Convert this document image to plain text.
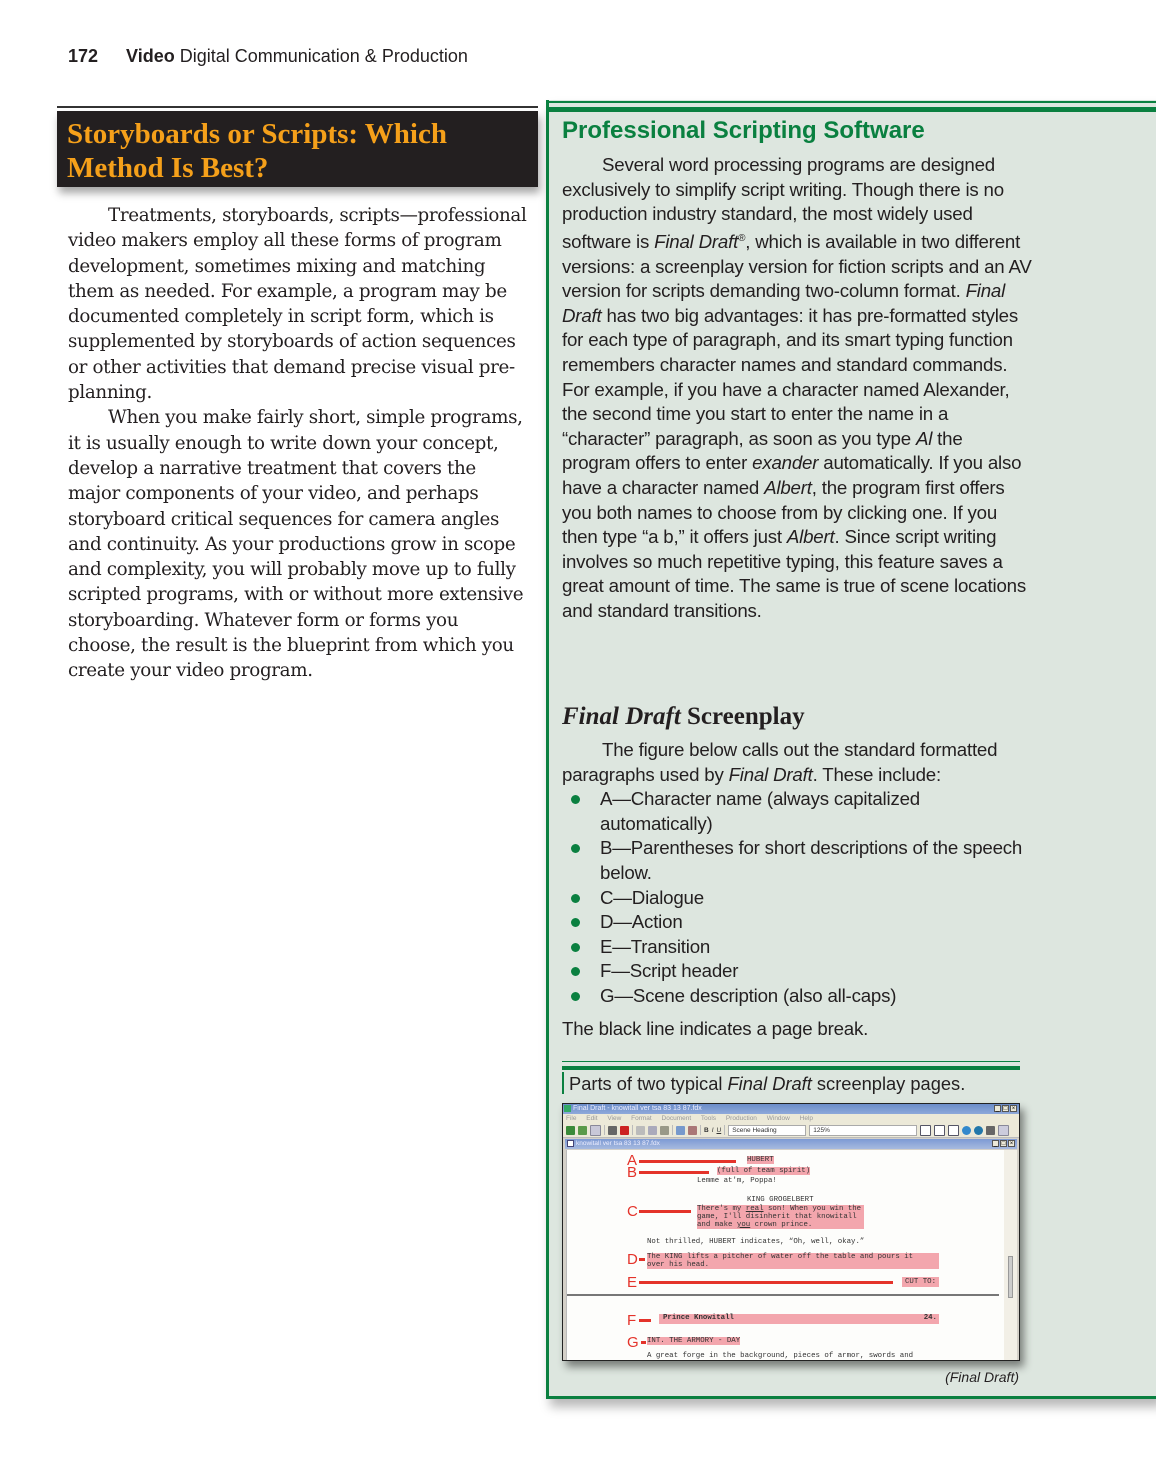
172 Video Digital Communication & Production
Storyboards or Scripts: Which Method Is Best?

Treatments, storyboards, scripts—professional video makers employ all these forms of program development, sometimes mixing and matching them as needed. For example, a program may be documented completely in script form, which is supplemented by storyboards of action sequences or other activities that demand precise visual pre-planning.

When you make fairly short, simple programs, it is usually enough to write down your concept, develop a narrative treatment that covers the major components of your video, and perhaps storyboard critical sequences for camera angles and continuity. As your productions grow in scope and complexity, you will probably move up to fully scripted programs, with or without more extensive storyboarding. Whatever form or forms you choose, the result is the blueprint from which you create your video program.

Professional Scripting Software

Several word processing programs are designed exclusively to simplify script writing. Though there is no production industry standard, the most widely used software is Final Draft®, which is available in two different versions: a screenplay version for fiction scripts and an AV version for scripts demanding two-column format. Final Draft has two big advantages: it has pre-formatted styles for each type of paragraph, and its smart typing function remembers character names and standard commands. For example, if you have a character named Alexander, the second time you start to enter the name in a “character” paragraph, as soon as you type Al the program offers to enter exander automatically. If you also have a character named Albert, the program first offers you both names to choose from by clicking one. If you then type “a b,” it offers just Albert. Since script writing involves so much repetitive typing, this feature saves a great amount of time. The same is true of scene locations and standard transitions.

Final Draft Screenplay

The figure below calls out the standard formatted paragraphs used by Final Draft. These include:

A—Character name (always capitalized automatically)
B—Parentheses for short descriptions of the speech below.
C—Dialogue
D—Action
E—Transition
F—Script header
G—Scene description (also all-caps)

The black line indicates a page break.

Parts of two typical Final Draft screenplay pages.
Final Draft - knowitall ver tsa 83 13 87.fdx	_ □ ×
File Edit View Format Document Tools Production Window Help
B I U	Scene Heading	125%
knowitall ver tsa 83 13 87.fdx	_ □ ×
A	HUBERT
B	(full of team spirit)
Lemme at'm, Poppa!
KING GROGELBERT
C	There's my real son! When you win the
game, I'll disinherit that knowitall
and make you crown prince.
Not thrilled, HUBERT indicates, “Oh, well, okay.”
D The KING lifts a pitcher of water off the table and pours it
over his head.
E	CUT TO:
F	Prince Knowitall	24.
G INT. THE ARMORY - DAY
A great forge in the background, pieces of armor, swords and
(Final Draft)
